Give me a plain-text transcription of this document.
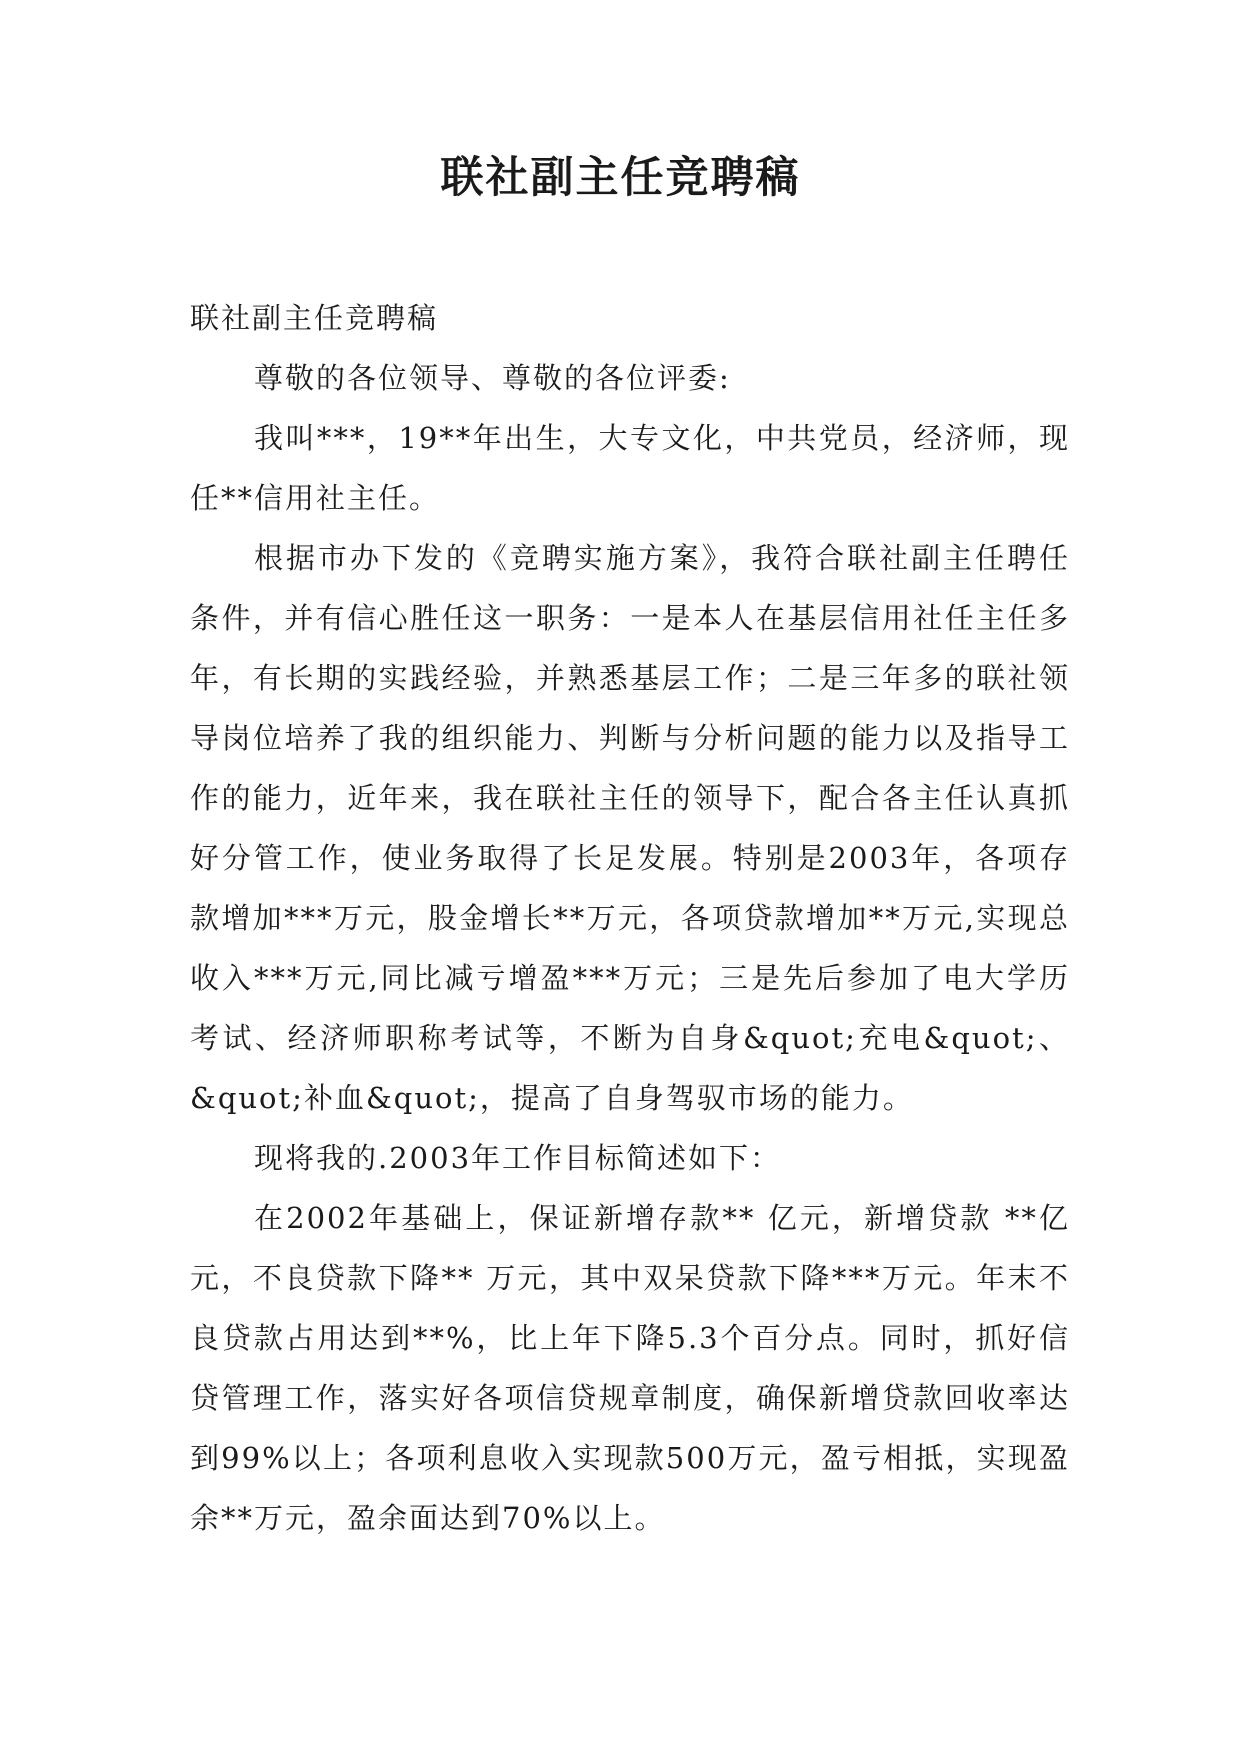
联社副主任竞聘稿

联社副主任竞聘稿

尊敬的各位领导、尊敬的各位评委:

我叫***，19**年出生，大专文化，中共党员，经济师，现任**信用社主任。

根据市办下发的《竞聘实施方案》，我符合联社副主任聘任条件，并有信心胜任这一职务：一是本人在基层信用社任主任多年，有长期的实践经验，并熟悉基层工作；二是三年多的联社领导岗位培养了我的组织能力、判断与分析问题的能力以及指导工作的能力，近年来，我在联社主任的领导下，配合各主任认真抓好分管工作，使业务取得了长足发展。特别是2003年，各项存款增加***万元，股金增长**万元，各项贷款增加**万元,实现总收入***万元,同比减亏增盈***万元；三是先后参加了电大学历考试、经济师职称考试等，不断为自身&quot;充电&quot;、&quot;补血&quot;，提高了自身驾驭市场的能力。

现将我的.2003年工作目标简述如下：

在2002年基础上，保证新增存款** 亿元，新增贷款 **亿元，不良贷款下降** 万元，其中双呆贷款下降***万元。年末不良贷款占用达到**%，比上年下降5.3个百分点。同时，抓好信贷管理工作，落实好各项信贷规章制度，确保新增贷款回收率达到99%以上；各项利息收入实现款500万元，盈亏相抵，实现盈余**万元，盈余面达到70%以上。
